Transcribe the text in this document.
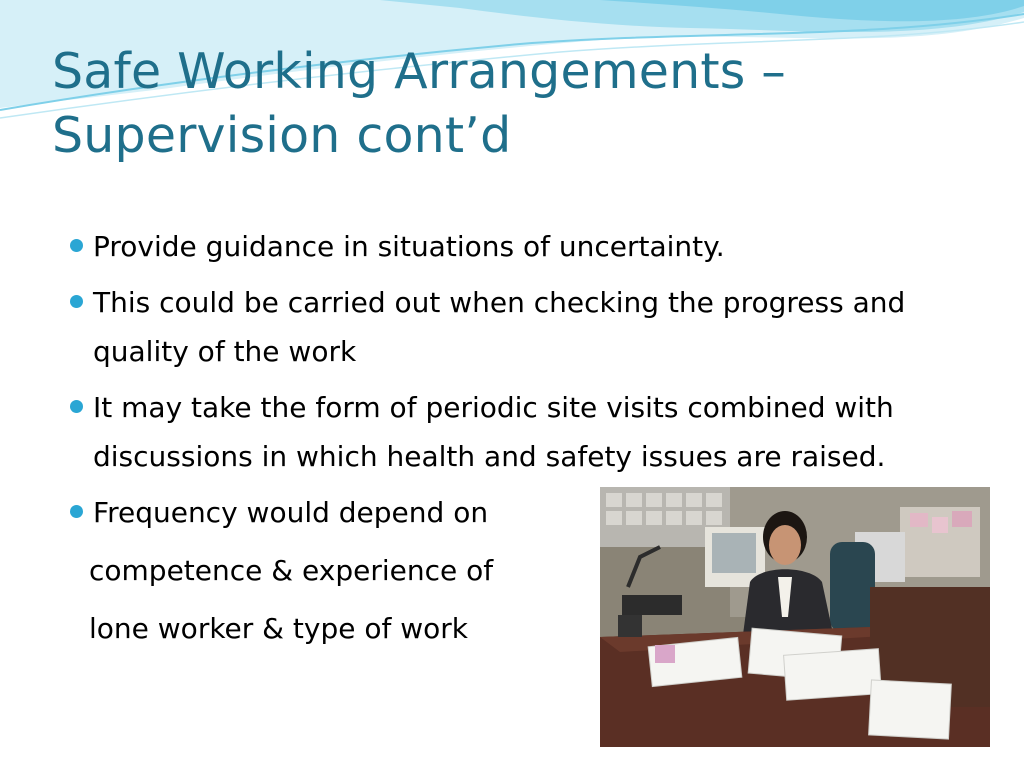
Safe Working Arrangements –
Supervision cont’d
Provide guidance in situations of uncertainty.
This could be carried out when checking the progress and quality of the work
It may take the form of periodic site visits combined with discussions in which health and safety issues are raised.
Frequency would depend on
competence & experience of
lone worker & type of work
